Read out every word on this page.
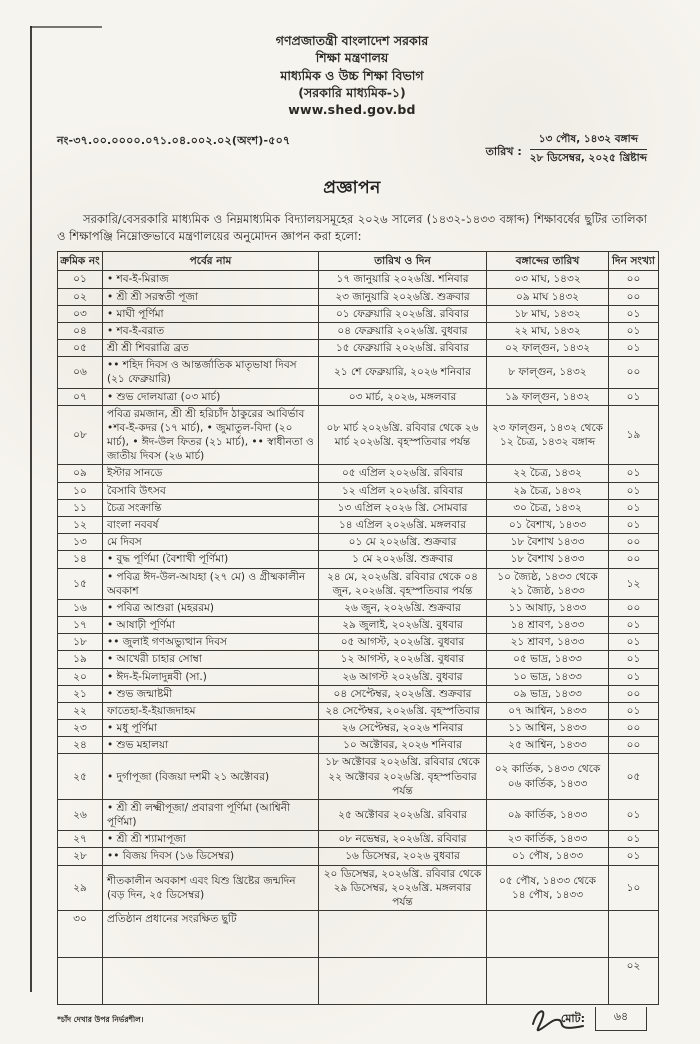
গণপ্রজাতন্ত্রী বাংলাদেশ সরকার
শিক্ষা মন্ত্রণালয়
মাধ্যমিক ও উচ্চ শিক্ষা বিভাগ
(সরকারি মাধ্যমিক-১)
www.shed.gov.bd
নং-৩৭.০০.০০০০.০৭১.০৪.০০২.০২(অংশ)-৫০৭
তারিখ :
১৩ পৌষ, ১৪৩২ বঙ্গাব্দ
২৮ ডিসেম্বর, ২০২৫ খ্রিষ্টাব্দ
প্রজ্ঞাপন
সরকারি/বেসরকারি মাধ্যমিক ও নিম্নমাধ্যমিক বিদ্যালয়সমূহের ২০২৬ সালের (১৪৩২-১৪৩৩ বঙ্গাব্দ) শিক্ষাবর্ষের ছুটির তালিকা ও শিক্ষাপঞ্জি নিম্নোক্তভাবে মন্ত্রণালয়ের অনুমোদন জ্ঞাপন করা হলো:
ক্রমিক নং	পর্বের নাম	তারিখ ও দিন	বঙ্গাব্দের তারিখ	দিন সংখ্যা
০১	• শব-ই-মিরাজ	১৭ জানুয়ারি ২০২৬খ্রি. শনিবার	০৩ মাঘ, ১৪৩২	০০
০২	• শ্রী শ্রী সরস্বতী পূজা	২৩ জানুয়ারি ২০২৬খ্রি. শুক্রবার	০৯ মাঘ ১৪৩২	০০
০৩	• মাঘী পূর্ণিমা	০১ ফেব্রুয়ারি ২০২৬খ্রি. রবিবার	১৮ মাঘ, ১৪৩২	০১
০৪	• শব-ই-বরাত	০৪ ফেব্রুয়ারি ২০২৬খ্রি. বুধবার	২২ মাঘ, ১৪৩২	০১
০৫	শ্রী শ্রী শিবরাত্রি ব্রত	১৫ ফেব্রুয়ারি ২০২৬খ্রি. রবিবার	০২ ফাল্গুন, ১৪৩২	০১
০৬	•• শহিদ দিবস ও আন্তর্জাতিক মাতৃভাষা দিবস (২১ ফেব্রুয়ারি)	২১ শে ফেব্রুয়ারি, ২০২৬ শনিবার	৮ ফাল্গুন, ১৪৩২	০০
০৭	• শুভ দোলযাত্রা (০৩ মার্চ)	০৩ মার্চ, ২০২৬, মঙ্গলবার	১৯ ফাল্গুন, ১৪৩২	০১
০৮	পবিত্র রমজান, শ্রী শ্রী হরিচাঁদ ঠাকুরের আবির্ভাব •শব-ই-কদর (১৭ মার্চ), • জুমাতুল-বিদা (২০ মার্চ), • ঈদ-উল ফিতর (২১ মার্চ), •• স্বাধীনতা ও জাতীয় দিবস (২৬ মার্চ)	০৮ মার্চ ২০২৬খ্রি. রবিবার থেকে ২৬ মার্চ ২০২৬খ্রি. বৃহস্পতিবার পর্যন্ত	২৩ ফাল্গুন, ১৪৩২ থেকে ১২ চৈত্র, ১৪৩২ বঙ্গাব্দ	১৯
০৯	ইস্টার সানডে	০৫ এপ্রিল ২০২৬খ্রি. রবিবার	২২ চৈত্র, ১৪৩২	০১
১০	বৈসাবি উৎসব	১২ এপ্রিল ২০২৬খ্রি. রবিবার	২৯ চৈত্র, ১৪৩২	০১
১১	চৈত্র সংক্রান্তি	১৩ এপ্রিল ২০২৬ খ্রি. সোমবার	৩০ চৈত্র, ১৪৩২	০১
১২	বাংলা নববর্ষ	১৪ এপ্রিল ২০২৬খ্রি. মঙ্গলবার	০১ বৈশাখ, ১৪৩৩	০১
১৩	মে দিবস	০১ মে ২০২৬খ্রি. শুক্রবার	১৮ বৈশাখ ১৪৩৩	০০
১৪	• বুদ্ধ পূর্ণিমা (বৈশাখী পূর্ণিমা)	১ মে ২০২৬খ্রি. শুক্রবার	১৮ বৈশাখ ১৪৩৩	০০
১৫	• পবিত্র ঈদ-উল-আযহা (২৭ মে) ও গ্রীষ্মকালীন অবকাশ	২৪ মে, ২০২৬খ্রি. রবিবার থেকে ০৪ জুন, ২০২৬খ্রি. বৃহস্পতিবার পর্যন্ত	১০ জ্যৈষ্ঠ, ১৪৩৩ থেকে ২১ জ্যৈষ্ঠ, ১৪৩৩	১২
১৬	• পবিত্র আশুরা (মহররম)	২৬ জুন, ২০২৬খ্রি. শুক্রবার	১১ আষাঢ়, ১৪৩৩	০০
১৭	• আষাঢ়ী পূর্ণিমা	২৯ জুলাই, ২০২৬খ্রি. বুধবার	১৪ শ্রাবণ, ১৪৩৩	০১
১৮	•• জুলাই গণঅভ্যুত্থান দিবস	০৫ আগস্ট, ২০২৬খ্রি. বুধবার	২১ শ্রাবণ, ১৪৩৩	০১
১৯	• আখেরী চাহার সোম্বা	১২ আগস্ট, ২০২৬খ্রি. বুধবার	০৫ ভাদ্র, ১৪৩৩	০১
২০	• ঈদ-ই-মিলাদুন্নবী (সা.)	২৬ আগস্ট ২০২৬খ্রি. বুধবার	১০ ভাদ্র, ১৪৩৩	০১
২১	• শুভ জন্মাষ্টমী	০৪ সেপ্টেম্বর, ২০২৬খ্রি. শুক্রবার	০৯ ভাদ্র, ১৪৩৩	০০
২২	ফাতেহা-ই-ইয়াজদাহম	২৪ সেপ্টেম্বর, ২০২৬খ্রি. বৃহস্পতিবার	০৭ আশ্বিন, ১৪৩৩	০১
২৩	• মধু পূর্ণিমা	২৬ সেপ্টেম্বর, ২০২৬ শনিবার	১১ আশ্বিন, ১৪৩৩	০০
২৪	• শুভ মহালয়া	১০ অক্টোবর, ২০২৬ শনিবার	২৫ আশ্বিন, ১৪৩৩	০০
২৫	• দুর্গাপূজা (বিজয়া দশমী ২১ অক্টোবর)	১৮ অক্টোবর ২০২৬খ্রি. রবিবার থেকে ২২ অক্টোবর ২০২৬খ্রি. বৃহস্পতিবার পর্যন্ত	০২ কার্তিক, ১৪৩৩ থেকে ০৬ কার্তিক, ১৪৩৩	০৫
২৬	• শ্রী শ্রী লক্ষ্মীপূজা/ প্রবারণা পূর্ণিমা (আশ্বিনী পূর্ণিমা)	২৫ অক্টোবর ২০২৬খ্রি. রবিবার	০৯ কার্তিক, ১৪৩৩	০১
২৭	• শ্রী শ্রী শ্যামাপূজা	০৮ নভেম্বর, ২০২৬খ্রি. রবিবার	২৩ কার্তিক, ১৪৩৩	০১
২৮	•• বিজয় দিবস (১৬ ডিসেম্বর)	১৬ ডিসেম্বর, ২০২৬ বুধবার	০১ পৌষ, ১৪৩৩	০১
২৯	শীতকালীন অবকাশ এবং যিশু খ্রিষ্টের জন্মদিন (বড় দিন, ২৫ ডিসেম্বর)	২০ ডিসেম্বর, ২০২৬খ্রি. রবিবার থেকে ২৯ ডিসেম্বর, ২০২৬খ্রি. মঙ্গলবার পর্যন্ত	০৫ পৌষ, ১৪৩৩ থেকে ১৪ পৌষ, ১৪৩৩	১০
৩০	প্রতিষ্ঠান প্রধানের সংরক্ষিত ছুটি			
				০২
*চাঁদ দেখার উপর নির্ভরশীল।	মোট:	৬৪
